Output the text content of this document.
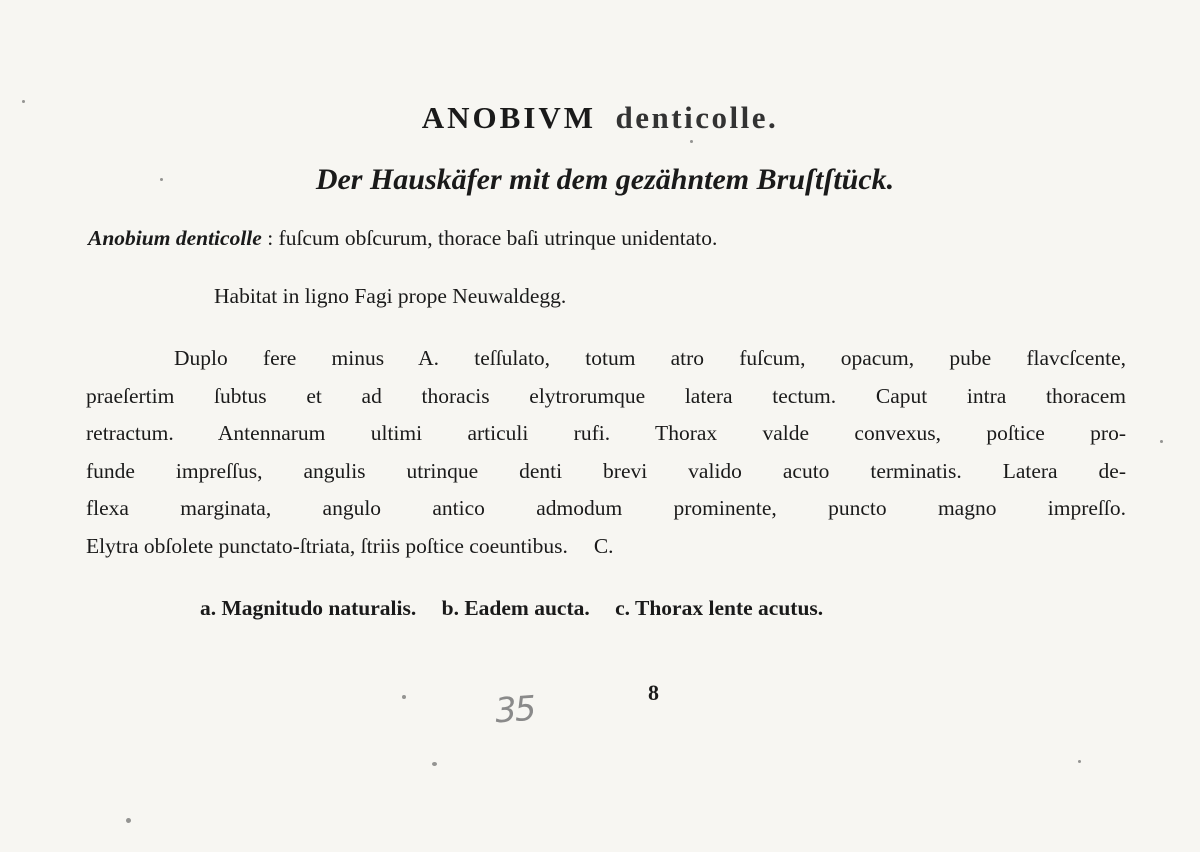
ANOBIVM denticolle.
Der Hauskäfer mit dem gezähntem Bruſtſtück.

Anobium denticolle : fuſcum obſcurum, thorace baſi utrinque unidentato.

Habitat in ligno Fagi prope Neuwaldegg.

Duplo fere minus A. teſſulato, totum atro fuſcum, opacum, pube flavcſcente,
praeſertim ſubtus et ad thoracis elytrorumque latera tectum. Caput intra thoracem
retractum. Antennarum ultimi articuli rufi. Thorax valde convexus, poſtice pro-
funde impreſſus, angulis utrinque denti brevi valido acuto terminatis. Latera de-
flexa marginata, angulo antico admodum prominente, puncto magno impreſſo.
Elytra obſolete punctato-ſtriata, ſtriis poſtice coeuntibus. C.

a. Magnitudo naturalis. b. Eadem aucta. c. Thorax lente acutus.

35	8
